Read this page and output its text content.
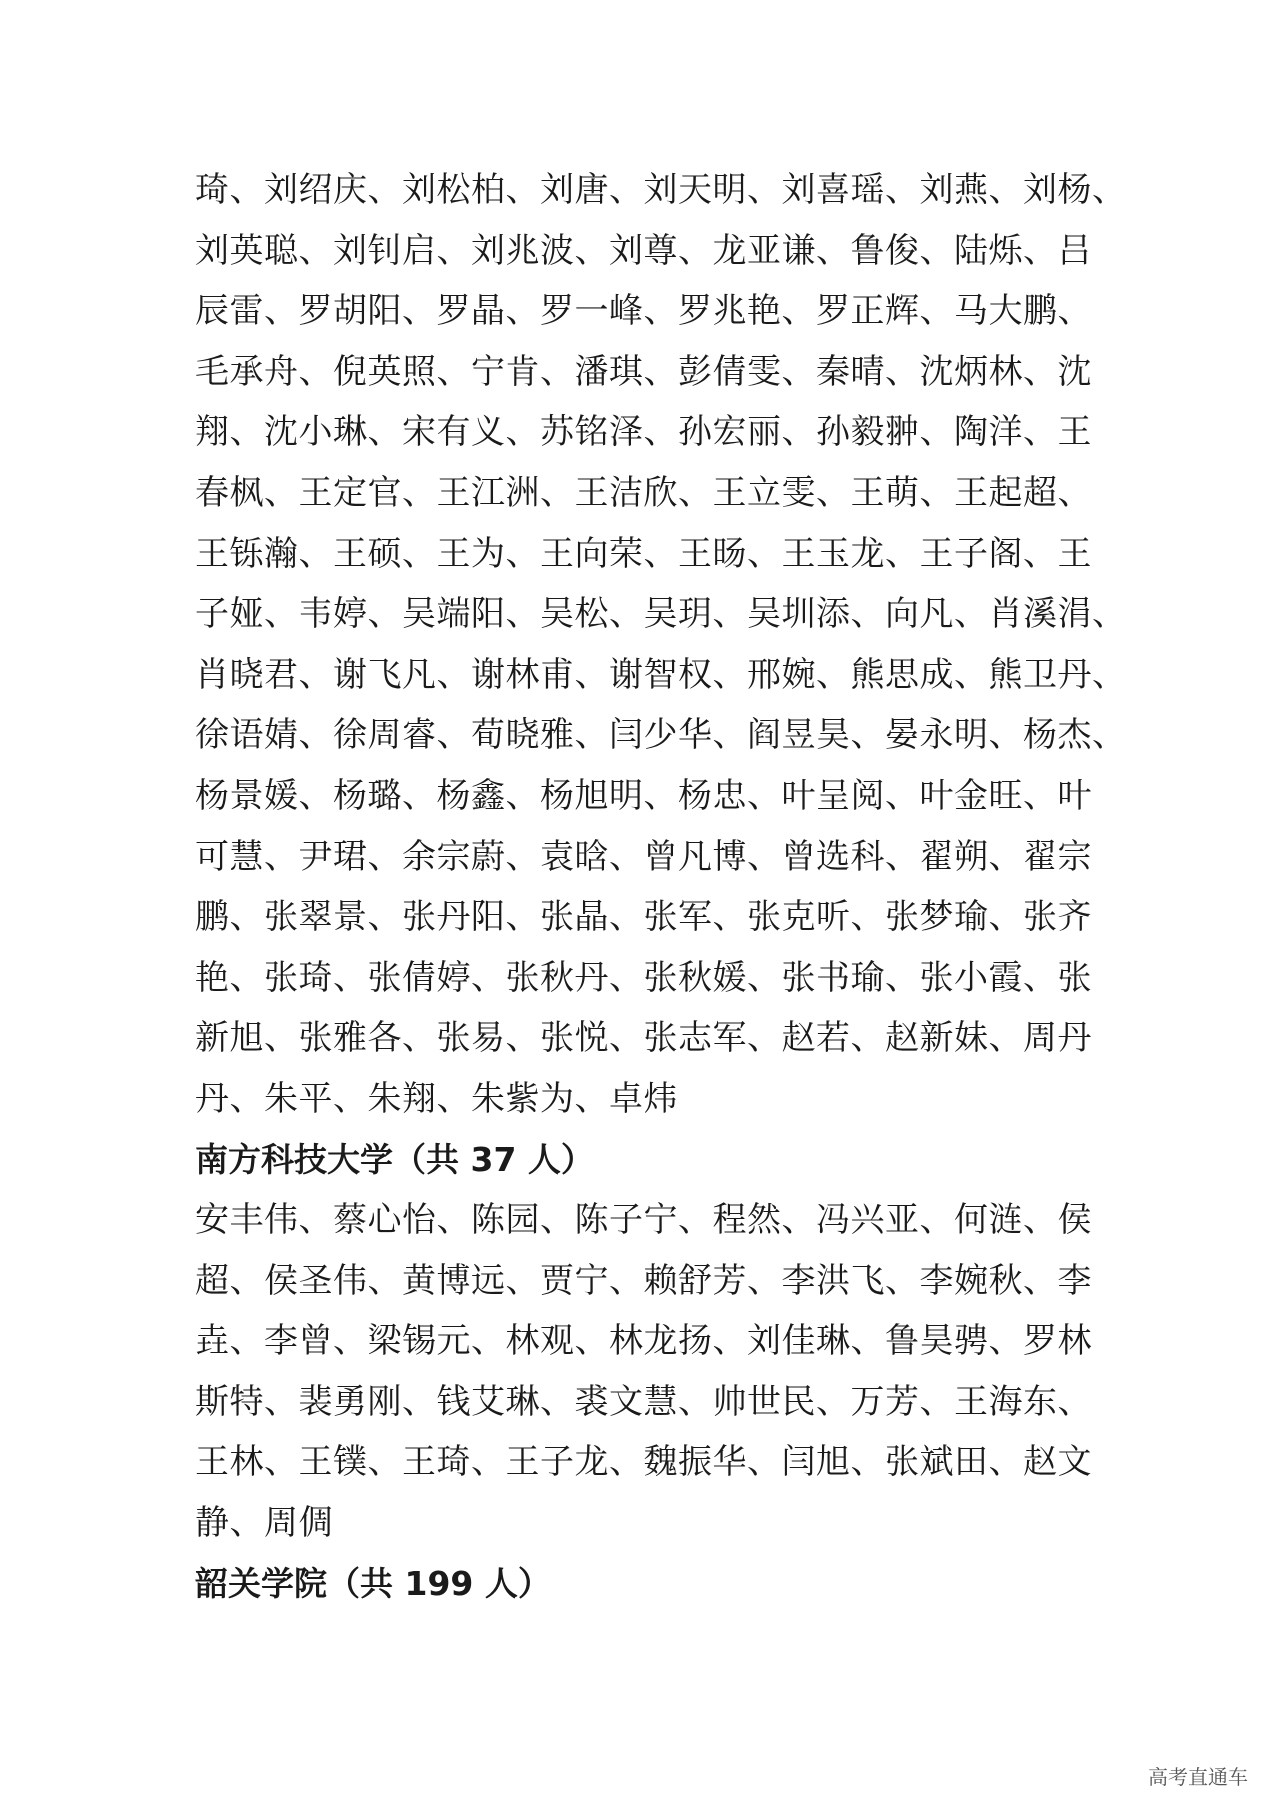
琦、刘绍庆、刘松柏、刘唐、刘天明、刘喜瑶、刘燕、刘杨、
刘英聪、刘钊启、刘兆波、刘尊、龙亚谦、鲁俊、陆烁、吕
辰雷、罗胡阳、罗晶、罗一峰、罗兆艳、罗正辉、马大鹏、
毛承舟、倪英照、宁肯、潘琪、彭倩雯、秦晴、沈炳林、沈
翔、沈小琳、宋有义、苏铭泽、孙宏丽、孙毅翀、陶洋、王
春枫、王定官、王江洲、王洁欣、王立雯、王萌、王起超、
王铄瀚、王硕、王为、王向荣、王旸、王玉龙、王子阁、王
子娅、韦婷、吴端阳、吴松、吴玥、吴圳添、向凡、肖溪涓、
肖晓君、谢飞凡、谢林甫、谢智权、邢婉、熊思成、熊卫丹、
徐语婧、徐周睿、荀晓雅、闫少华、阎昱昊、晏永明、杨杰、
杨景媛、杨璐、杨鑫、杨旭明、杨忠、叶呈阅、叶金旺、叶
可慧、尹珺、余宗蔚、袁晗、曾凡博、曾选科、翟朔、翟宗
鹏、张翠景、张丹阳、张晶、张军、张克听、张梦瑜、张齐
艳、张琦、张倩婷、张秋丹、张秋媛、张书瑜、张小霞、张
新旭、张雅各、张易、张悦、张志军、赵若、赵新妹、周丹
丹、朱平、朱翔、朱紫为、卓炜
南方科技大学（共 37 人）
安丰伟、蔡心怡、陈园、陈子宁、程然、冯兴亚、何涟、侯
超、侯圣伟、黄博远、贾宁、赖舒芳、李洪飞、李婉秋、李
垚、李曾、梁锡元、林观、林龙扬、刘佳琳、鲁昊骋、罗林
斯特、裴勇刚、钱艾琳、裘文慧、帅世民、万芳、王海东、
王林、王镤、王琦、王子龙、魏振华、闫旭、张斌田、赵文
静、周倜
韶关学院（共 199 人）
高考直通车
